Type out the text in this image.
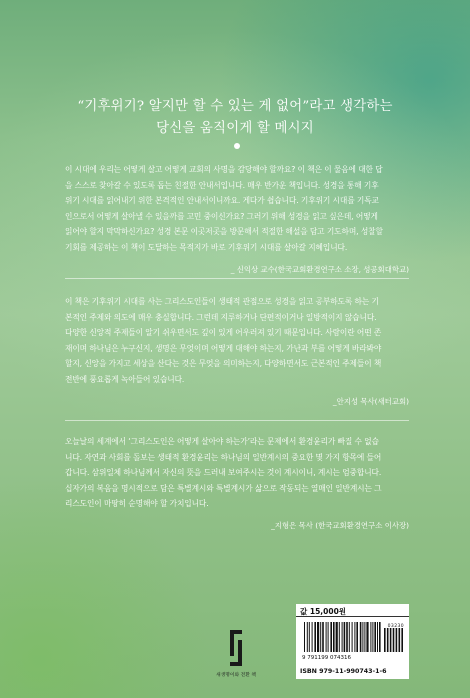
“기후위기? 알지만 할 수 있는 게 없어”라고 생각하는
당신을 움직이게 할 메시지
이 시대에 우리는 어떻게 살고 어떻게 교회의 사명을 감당해야 할까요? 이 책은 이 물음에 대한 답
을 스스로 찾아갈 수 있도록 돕는 친절한 안내서입니다. 매우 반가운 책입니다. 성경을 통해 기후
위기 시대를 읽어내기 위한 본격적인 안내서이니까요. 게다가 쉽습니다. 기후위기 시대를 기독교
인으로서 어떻게 살아낼 수 있을까를 고민 중이신가요? 그러기 위해 성경을 읽고 싶은데, 어떻게
읽어야 할지 막막하신가요? 성경 본문 이곳저곳을 방문해서 적절한 해설을 담고 기도하며, 성찰할
기회를 제공하는 이 책이 도달하는 목적지가 바로 기후위기 시대를 살아갈 지혜입니다.
_ 신익상 교수(한국교회환경연구소 소장, 성공회대학교)
이 책은 기후위기 시대를 사는 그리스도인들이 생태적 관점으로 성경을 읽고 공부하도록 하는 기
본적인 주제와 의도에 매우 충실합니다. 그런데 지루하거나 단편적이거나 일방적이지 않습니다.
다양한 신앙적 주제들이 알기 쉬우면서도 깊이 있게 어우러져 있기 때문입니다. 사람이란 어떤 존
재이며 하나님은 누구신지, 생명은 무엇이며 어떻게 대해야 하는지, 가난과 부를 어떻게 바라봐야
할지, 신앙을 가지고 세상을 산다는 것은 무엇을 의미하는지, 다양하면서도 근본적인 주제들이 책
전반에 풍요롭게 녹아들어 있습니다.
_안지성 목사(새터교회)
오늘날의 세계에서 ‘그리스도인은 어떻게 살아야 하는가’라는 문제에서 환경윤리가 빠질 수 없습
니다. 자연과 사회를 돌보는 생태적 환경윤리는 하나님의 일반계시의 중요한 몇 가지 항목에 들어
갑니다. 삼위일체 하나님께서 자신의 뜻을 드러내 보여주시는 것이 계시이니, 계시는 엄중합니다.
십자가의 복음을 명시적으로 담은 특별계시와 특별계시가 삶으로 작동되는 열매인 일반계시는 그
리스도인이 마땅히 순명해야 할 가치입니다.
_지형은 목사 (한국교회환경연구소 이사장)
새생명이와 전환 책
값 15,000원
9 791199 074316
03230
ISBN 979-11-990743-1-6
